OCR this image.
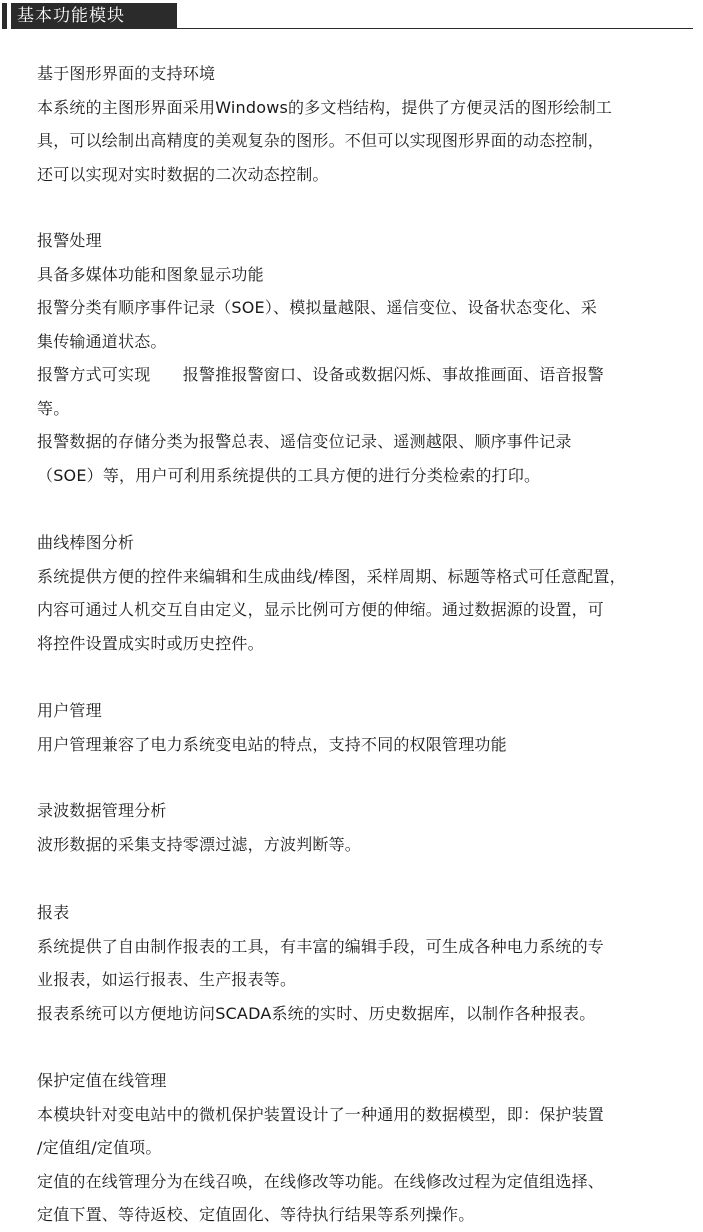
基本功能模块
基于图形界面的支持环境
本系统的主图形界面采用Windows的多文档结构，提供了方便灵活的图形绘制工
具，可以绘制出高精度的美观复杂的图形。不但可以实现图形界面的动态控制，
还可以实现对实时数据的二次动态控制。
报警处理
具备多媒体功能和图象显示功能
报警分类有顺序事件记录（SOE）、模拟量越限、遥信变位、设备状态变化、采
集传输通道状态。
报警方式可实现　　报警推报警窗口、设备或数据闪烁、事故推画面、语音报警
等。
报警数据的存储分类为报警总表、遥信变位记录、遥测越限、顺序事件记录
（SOE）等，用户可利用系统提供的工具方便的进行分类检索的打印。
曲线棒图分析
系统提供方便的控件来编辑和生成曲线/棒图，采样周期、标题等格式可任意配置，
内容可通过人机交互自由定义，显示比例可方便的伸缩。通过数据源的设置，可
将控件设置成实时或历史控件。
用户管理
用户管理兼容了电力系统变电站的特点，支持不同的权限管理功能
录波数据管理分析
波形数据的采集支持零漂过滤，方波判断等。
报表
系统提供了自由制作报表的工具，有丰富的编辑手段，可生成各种电力系统的专
业报表，如运行报表、生产报表等。
报表系统可以方便地访问SCADA系统的实时、历史数据库，以制作各种报表。
保护定值在线管理
本模块针对变电站中的微机保护装置设计了一种通用的数据模型，即：保护装置
/定值组/定值项。
定值的在线管理分为在线召唤，在线修改等功能。在线修改过程为定值组选择、
定值下置、等待返校、定值固化、等待执行结果等系列操作。
